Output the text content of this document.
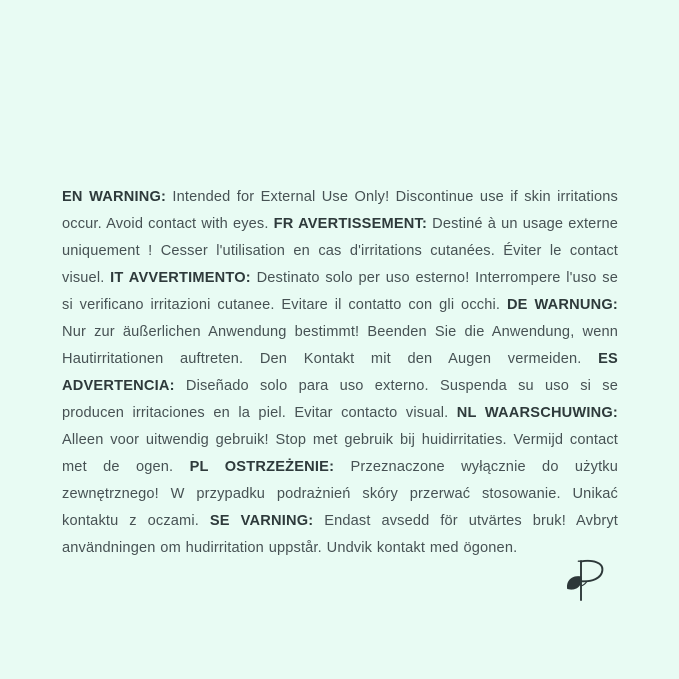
EN WARNING: Intended for External Use Only! Discontinue use if skin irritations occur. Avoid contact with eyes. FR AVERTISSEMENT: Destiné à un usage externe uniquement ! Cesser l'utilisation en cas d'irritations cutanées. Éviter le contact visuel. IT AVVERTIMENTO: Destinato solo per uso esterno! Interrompere l'uso se si verificano irritazioni cutanee. Evitare il contatto con gli occhi. DE WARNUNG: Nur zur äußerlichen Anwendung bestimmt! Beenden Sie die Anwendung, wenn Hautirritationen auftreten. Den Kontakt mit den Augen vermeiden. ES ADVERTENCIA: Diseñado solo para uso externo. Suspenda su uso si se producen irritaciones en la piel. Evitar contacto visual. NL WAARSCHUWING: Alleen voor uitwendig gebruik! Stop met gebruik bij huidirritaties. Vermijd contact met de ogen. PL OSTRZEŻENIE: Przeznaczone wyłącznie do użytku zewnętrznego! W przypadku podrażnień skóry przerwać stosowanie. Unikać kontaktu z oczami. SE VARNING: Endast avsedd för utvärtes bruk! Avbryt användningen om hudirritation uppstår. Undvik kontakt med ögonen.
